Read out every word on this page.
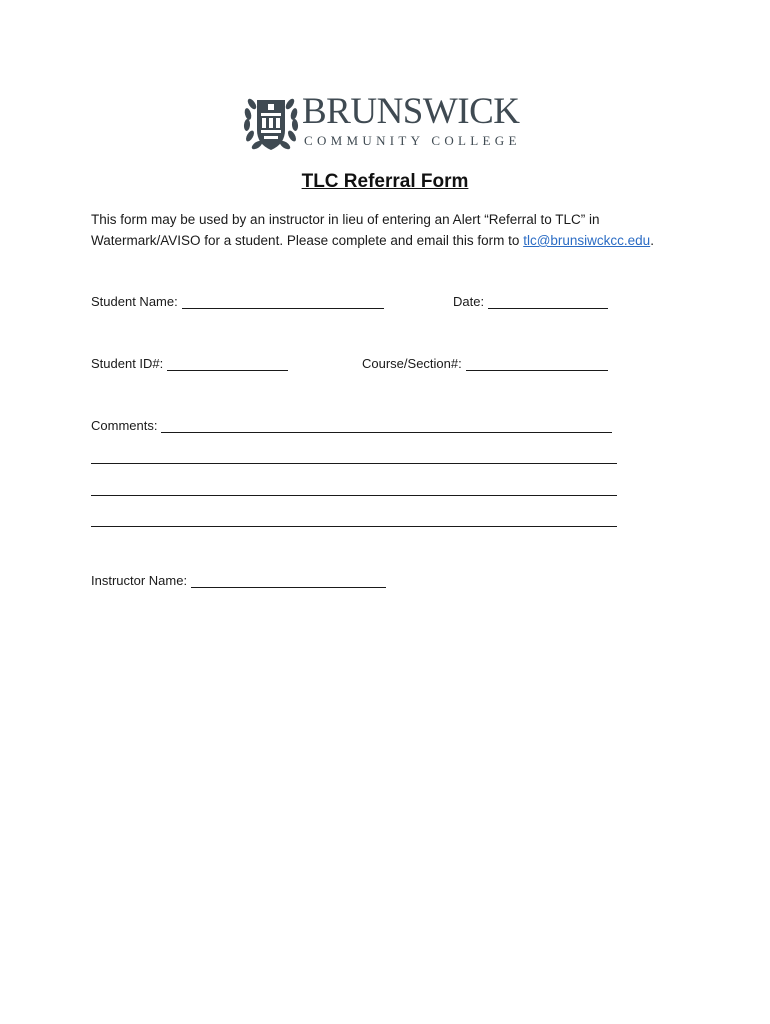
BRUNSWICK
COMMUNITY COLLEGE
TLC Referral Form
This form may be used by an instructor in lieu of entering an Alert “Referral to TLC” in Watermark/AVISO for a student. Please complete and email this form to tlc@brunsiwckcc.edu.
Student Name:	Date:
Student ID#:	Course/Section#:
Comments:
Instructor Name:
